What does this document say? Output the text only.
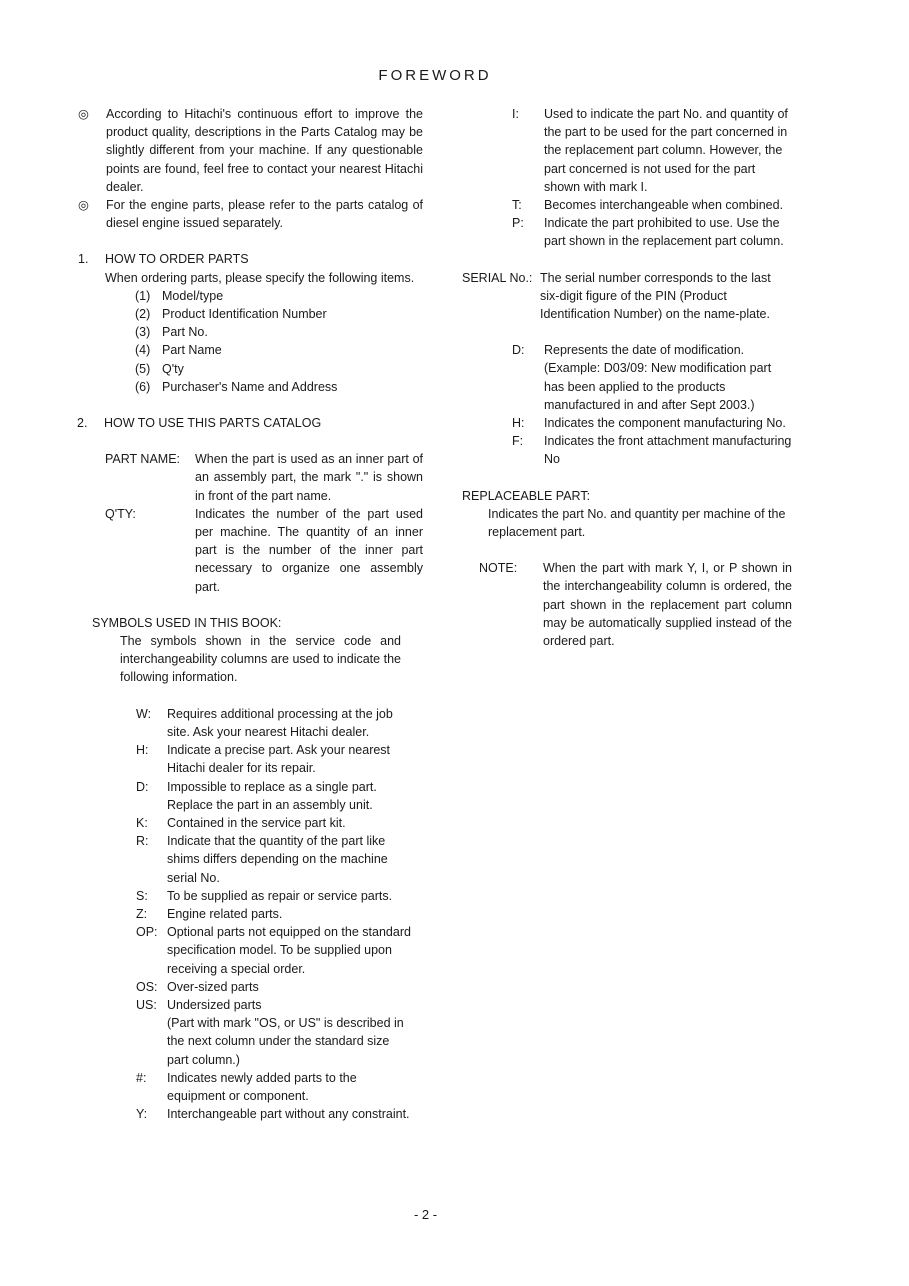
FOREWORD
◎ According to Hitachi's continuous effort to improve the product quality, descriptions in the Parts Catalog may be slightly different from your machine. If any questionable points are found, feel free to contact your nearest Hitachi dealer.
◎ For the engine parts, please refer to the parts catalog of diesel engine issued separately.
1. HOW TO ORDER PARTS
When ordering parts, please specify the following items.
(1) Model/type
(2) Product Identification Number
(3) Part No.
(4) Part Name
(5) Q'ty
(6) Purchaser's Name and Address
2. HOW TO USE THIS PARTS CATALOG
PART NAME:	When the part is used as an inner part of an assembly part, the mark "." is shown in front of the part name.
Q'TY:	Indicates the number of the part used per machine. The quantity of an inner part is the number of the inner part necessary to organize one assembly part.
SYMBOLS USED IN THIS BOOK:
The symbols shown in the service code and interchangeability columns are used to indicate the following information.
W:	Requires additional processing at the job site. Ask your nearest Hitachi dealer.
H:	Indicate a precise part. Ask your nearest Hitachi dealer for its repair.
D:	Impossible to replace as a single part. Replace the part in an assembly unit.
K:	Contained in the service part kit.
R:	Indicate that the quantity of the part like shims differs depending on the machine serial No.
S:	To be supplied as repair or service parts.
Z:	Engine related parts.
OP: Optional parts not equipped on the standard specification model. To be supplied upon receiving a special order.
OS: Over-sized parts
US: Undersized parts
(Part with mark "OS, or US" is described in the next column under the standard size part column.)
#:	Indicates newly added parts to the equipment or component.
Y:	Interchangeable part without any constraint.
I:	Used to indicate the part No. and quantity of the part to be used for the part concerned in the replacement part column. However, the part concerned is not used for the part shown with mark I.
T:	Becomes interchangeable when combined.
P:	Indicate the part prohibited to use. Use the part shown in the replacement part column.
SERIAL No.: The serial number corresponds to the last six-digit figure of the PIN (Product Identification Number) on the name-plate.
D:	Represents the date of modification. (Example: D03/09: New modification part has been applied to the products manufactured in and after Sept 2003.)
H:	Indicates the component manufacturing No.
F:	Indicates the front attachment manufacturing No
REPLACEABLE PART:
Indicates the part No. and quantity per machine of the replacement part.
NOTE:	When the part with mark Y, I, or P shown in the interchangeability column is ordered, the part shown in the replacement part column may be automatically supplied instead of the ordered part.
- 2 -
